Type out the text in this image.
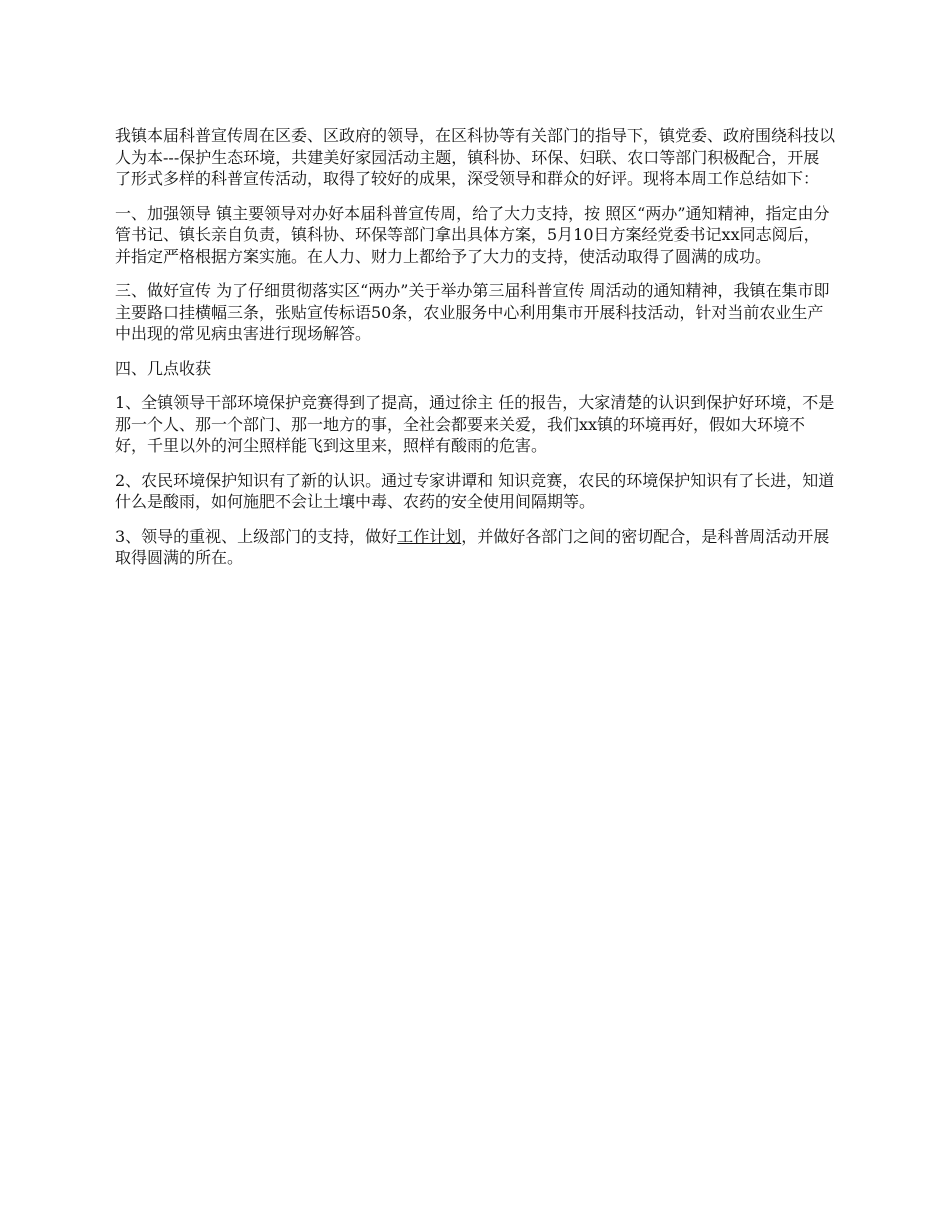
我镇本届科普宣传周在区委、区政府的领导，在区科协等有关部门的指导下，镇党委、政府围绕科技以人为本---保护生态环境，共建美好家园活动主题，镇科协、环保、妇联、农口等部门积极配合，开展了形式多样的科普宣传活动，取得了较好的成果，深受领导和群众的好评。现将本周工作总结如下：

一、加强领导 镇主要领导对办好本届科普宣传周，给了大力支持，按 照区“两办”通知精神，指定由分管书记、镇长亲自负责，镇科协、环保等部门拿出具体方案，5月10日方案经党委书记xx同志阅后，并指定严格根据方案实施。在人力、财力上都给予了大力的支持，使活动取得了圆满的成功。

三、做好宣传 为了仔细贯彻落实区“两办”关于举办第三届科普宣传 周活动的通知精神，我镇在集市即主要路口挂横幅三条，张贴宣传标语50条，农业服务中心利用集市开展科技活动，针对当前农业生产中出现的常见病虫害进行现场解答。

四、几点收获

1、全镇领导干部环境保护竞赛得到了提高，通过徐主 任的报告，大家清楚的认识到保护好环境，不是那一个人、那一个部门、那一地方的事，全社会都要来关爱，我们xx镇的环境再好，假如大环境不好，千里以外的河尘照样能飞到这里来，照样有酸雨的危害。

2、农民环境保护知识有了新的认识。通过专家讲谭和 知识竞赛，农民的环境保护知识有了长进，知道什么是酸雨，如何施肥不会让土壤中毒、农药的安全使用间隔期等。

3、领导的重视、上级部门的支持，做好工作计划，并做好各部门之间的密切配合，是科普周活动开展取得圆满的所在。
